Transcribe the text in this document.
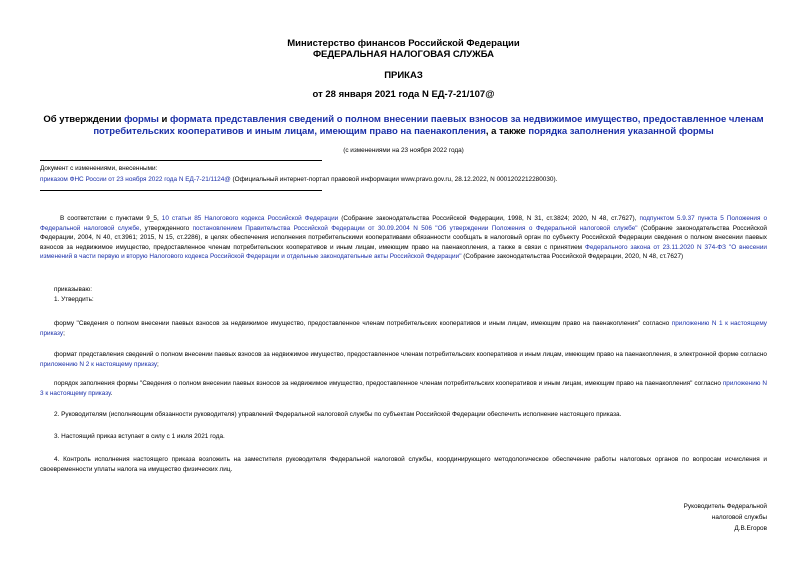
Министерство финансов Российской Федерации
ФЕДЕРАЛЬНАЯ НАЛОГОВАЯ СЛУЖБА
ПРИКАЗ
от 28 января 2021 года N ЕД-7-21/107@
Об утверждении формы и формата представления сведений о полном внесении паевых взносов за недвижимое имущество, предоставленное членам потребительских кооперативов и иным лицам, имеющим право на паенакопления, а также порядка заполнения указанной формы
(с изменениями на 23 ноября 2022 года)
Документ с изменениями, внесенными:
приказом ФНС России от 23 ноября 2022 года N ЕД-7-21/1124@ (Официальный интернет-портал правовой информации www.pravo.gov.ru, 28.12.2022, N 0001202212280030).
В соответствии с пунктами 9_5, 10 статьи 85 Налогового кодекса Российской Федерации (Собрание законодательства Российской Федерации, 1998, N 31, ст.3824; 2020, N 48, ст.7627), подпунктом 5.9.37 пункта 5 Положения о Федеральной налоговой службе, утвержденного постановлением Правительства Российской Федерации от 30.09.2004 N 506 "Об утверждении Положения о Федеральной налоговой службе" (Собрание законодательства Российской Федерации, 2004, N 40, ст.3961; 2015, N 15, ст.2286), в целях обеспечения исполнения потребительскими кооперативами обязанности сообщать в налоговый орган по субъекту Российской Федерации сведения о полном внесении паевых взносов за недвижимое имущество, предоставленное членам потребительских кооперативов и иным лицам, имеющим право на паенакопления, а также в связи с принятием Федерального закона от 23.11.2020 N 374-ФЗ "О внесении изменений в части первую и вторую Налогового кодекса Российской Федерации и отдельные законодательные акты Российской Федерации" (Собрание законодательства Российской Федерации, 2020, N 48, ст.7627)
приказываю:
1. Утвердить:
форму "Сведения о полном внесении паевых взносов за недвижимое имущество, предоставленное членам потребительских кооперативов и иным лицам, имеющим право на паенакопления" согласно приложению N 1 к настоящему приказу;
формат представления сведений о полном внесении паевых взносов за недвижимое имущество, предоставленное членам потребительских кооперативов и иным лицам, имеющим право на паенакопления, в электронной форме согласно приложению N 2 к настоящему приказу;
порядок заполнения формы "Сведения о полном внесении паевых взносов за недвижимое имущество, предоставленное членам потребительских кооперативов и иным лицам, имеющим право на паенакопления" согласно приложению N 3 к настоящему приказу.
2. Руководителям (исполняющим обязанности руководителя) управлений Федеральной налоговой службы по субъектам Российской Федерации обеспечить исполнение настоящего приказа.
3. Настоящий приказ вступает в силу с 1 июля 2021 года.
4. Контроль исполнения настоящего приказа возложить на заместителя руководителя Федеральной налоговой службы, координирующего методологическое обеспечение работы налоговых органов по вопросам исчисления и своевременности уплаты налога на имущество физических лиц.
Руководитель Федеральной
налоговой службы
Д.В.Егоров
